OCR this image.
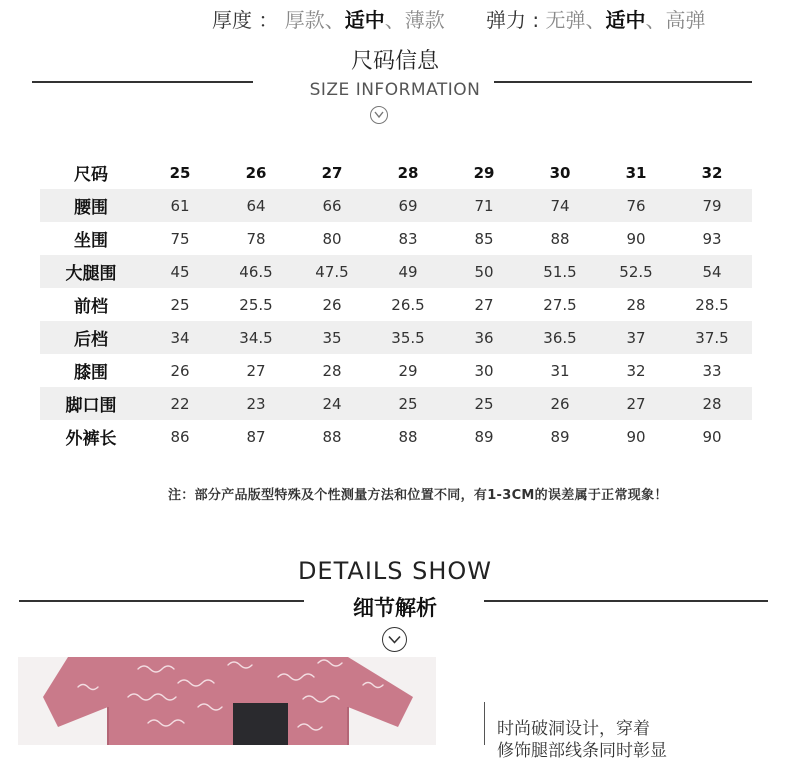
厚度 ： 厚款、适中、薄款 弹力 : 无弹、适中、高弹
尺码信息
SIZE INFORMATION
尺码	25	26	27	28	29	30	31	32
腰围	61	64	66	69	71	74	76	79
坐围	75	78	80	83	85	88	90	93
大腿围	45	46.5	47.5	49	50	51.5	52.5	54
前档	25	25.5	26	26.5	27	27.5	28	28.5
后档	34	34.5	35	35.5	36	36.5	37	37.5
膝围	26	27	28	29	30	31	32	33
脚口围	22	23	24	25	25	26	27	28
外裤长	86	87	88	88	89	89	90	90
注：部分产品版型特殊及个性测量方法和位置不同，有1-3CM的误差属于正常现象！
DETAILS SHOW
细节解析
时尚破洞设计，穿着
修饰腿部线条同时彰显
